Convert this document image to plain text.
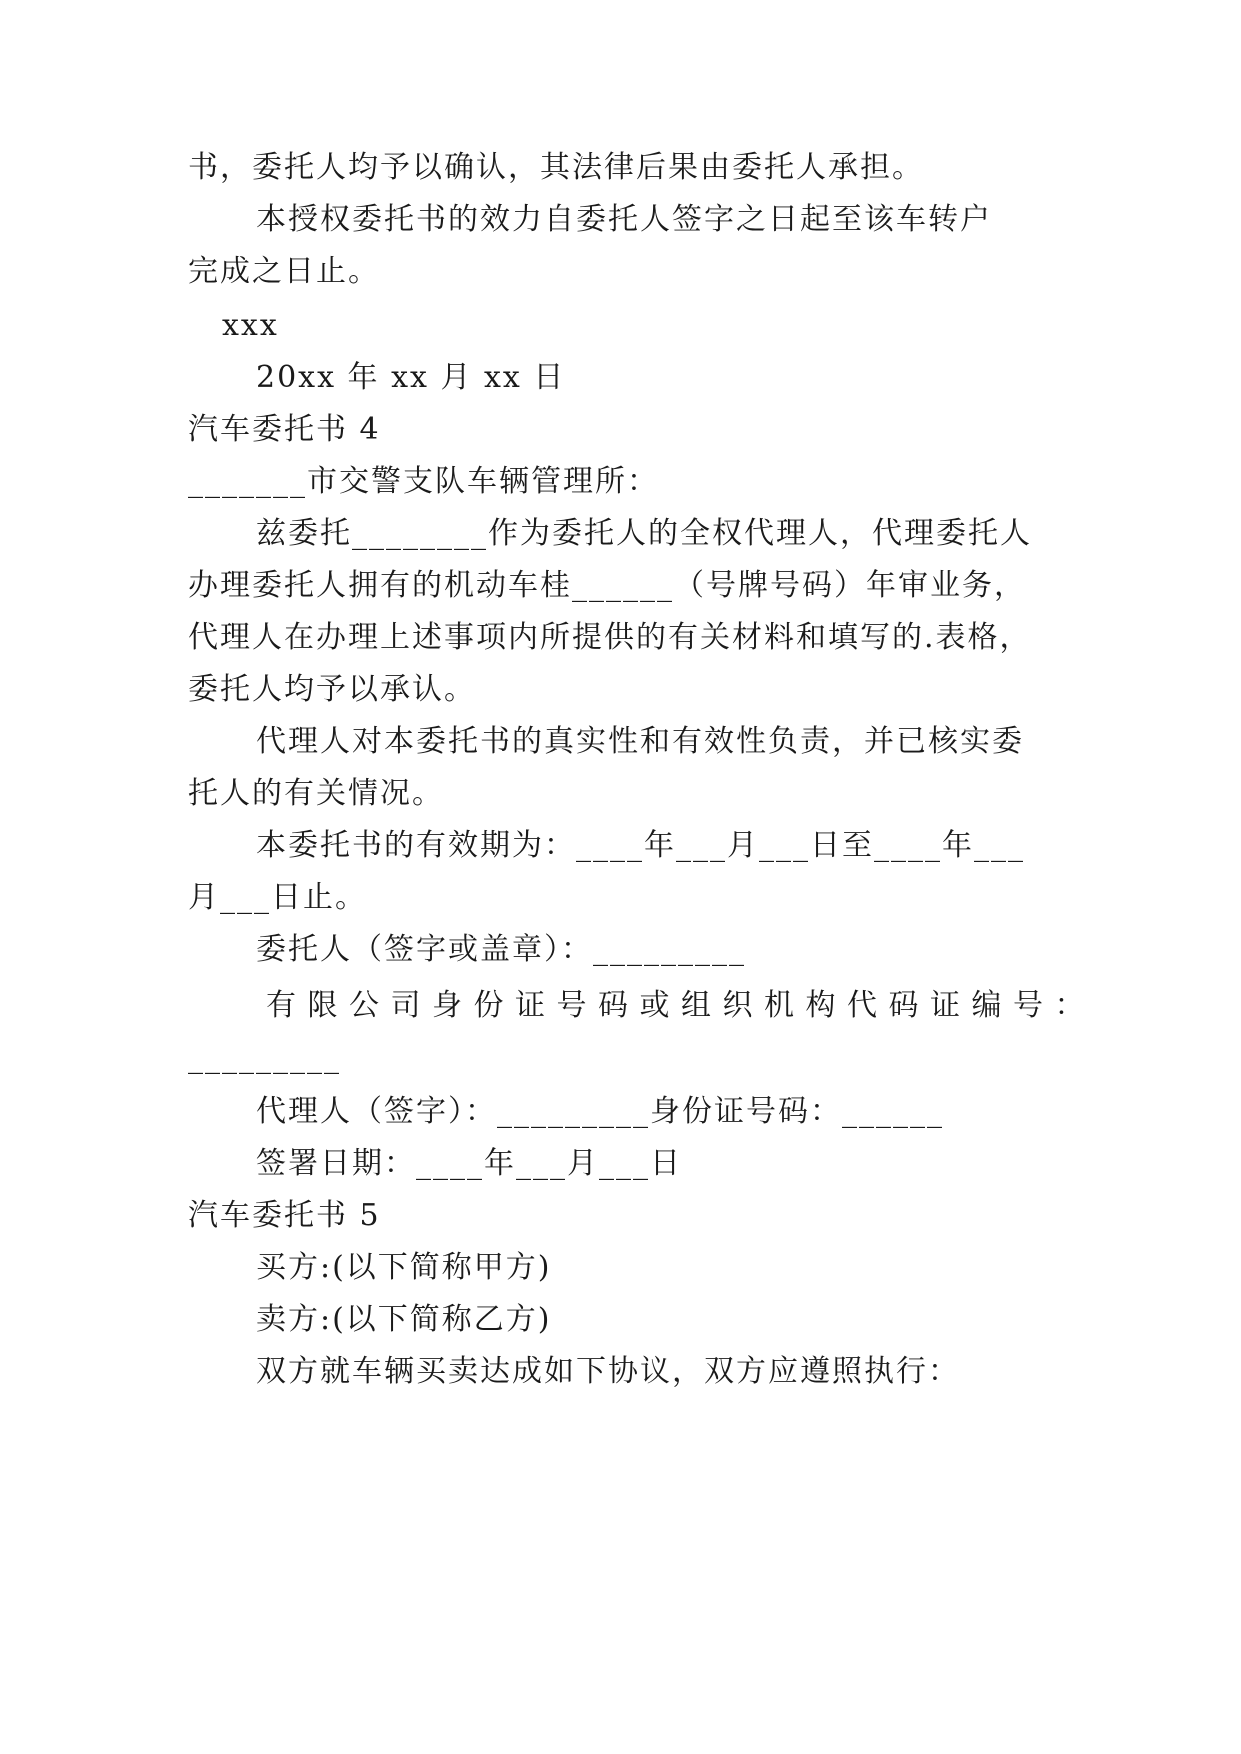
书，委托人均予以确认，其法律后果由委托人承担。
本授权委托书的效力自委托人签字之日起至该车转户
完成之日止。
xxx
20xx 年 xx 月 xx 日
汽车委托书 4
_______市交警支队车辆管理所：
兹委托________作为委托人的全权代理人，代理委托人
办理委托人拥有的机动车桂______（号牌号码）年审业务，
代理人在办理上述事项内所提供的有关材料和填写的.表格，
委托人均予以承认。
代理人对本委托书的真实性和有效性负责，并已核实委
托人的有关情况。
本委托书的有效期为：____年___月___日至____年___
月___日止。
委托人（签字或盖章）：_________
有限公司身份证号码或组织机构代码证编号：
_________
代理人（签字）：_________身份证号码：______
签署日期：____年___月___日
汽车委托书 5
买方:(以下简称甲方)
卖方:(以下简称乙方)
双方就车辆买卖达成如下协议，双方应遵照执行：
